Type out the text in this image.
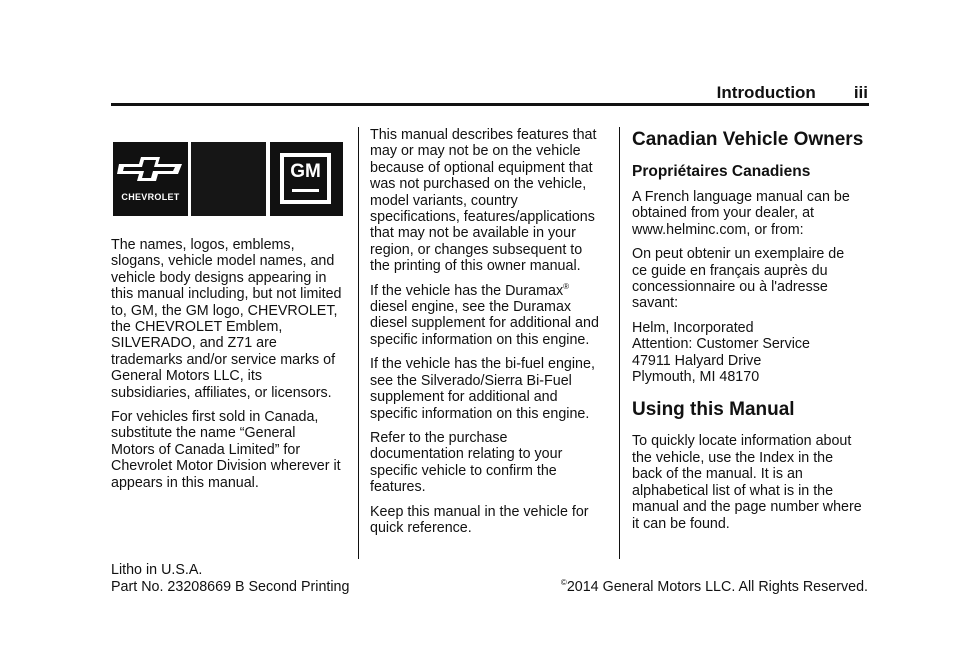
Introduction iii
CHEVROLET
GM

The names, logos, emblems,
slogans, vehicle model names, and
vehicle body designs appearing in
this manual including, but not limited
to, GM, the GM logo, CHEVROLET,
the CHEVROLET Emblem,
SILVERADO, and Z71 are
trademarks and/or service marks of
General Motors LLC, its
subsidiaries, affiliates, or licensors.

For vehicles first sold in Canada,
substitute the name “General
Motors of Canada Limited” for
Chevrolet Motor Division wherever it
appears in this manual.

This manual describes features that
may or may not be on the vehicle
because of optional equipment that
was not purchased on the vehicle,
model variants, country
specifications, features/applications
that may not be available in your
region, or changes subsequent to
the printing of this owner manual.

If the vehicle has the Duramax®
diesel engine, see the Duramax
diesel supplement for additional and
specific information on this engine.

If the vehicle has the bi-fuel engine,
see the Silverado/Sierra Bi-Fuel
supplement for additional and
specific information on this engine.

Refer to the purchase
documentation relating to your
specific vehicle to confirm the
features.

Keep this manual in the vehicle for
quick reference.

Canadian Vehicle Owners
Propriétaires Canadiens

A French language manual can be
obtained from your dealer, at
www.helminc.com, or from:

On peut obtenir un exemplaire de
ce guide en français auprès du
concessionnaire ou à l'adresse
savant:

Helm, Incorporated
Attention: Customer Service
47911 Halyard Drive
Plymouth, MI 48170

Using this Manual

To quickly locate information about
the vehicle, use the Index in the
back of the manual. It is an
alphabetical list of what is in the
manual and the page number where
it can be found.

Litho in U.S.A.
Part No. 23208669 B Second Printing	©2014 General Motors LLC. All Rights Reserved.
